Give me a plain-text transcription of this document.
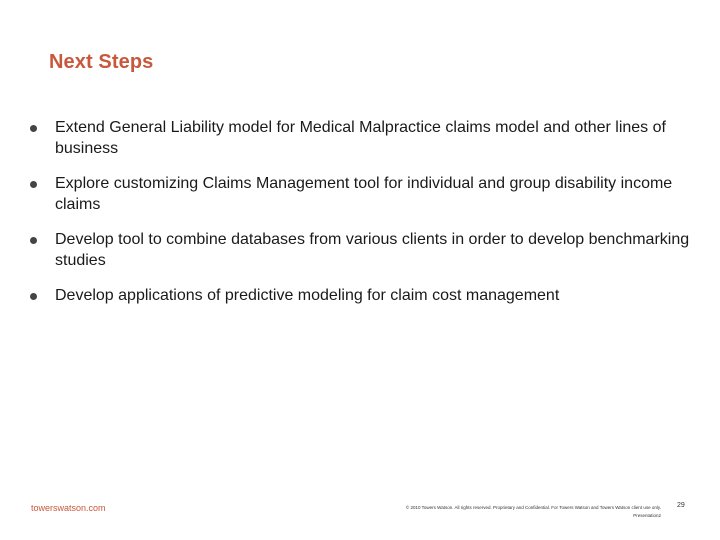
Next Steps
Extend General Liability model for Medical Malpractice claims model and other lines of business
Explore customizing Claims Management tool for individual and group disability income claims
Develop tool to combine databases from various clients in order to develop benchmarking studies
Develop applications of predictive modeling for claim cost management
towerswatson.com	© 2010 Towers Watson. All rights reserved. Proprietary and Confidential. For Towers Watson and Towers Watson client use only.
Presentation2
29
